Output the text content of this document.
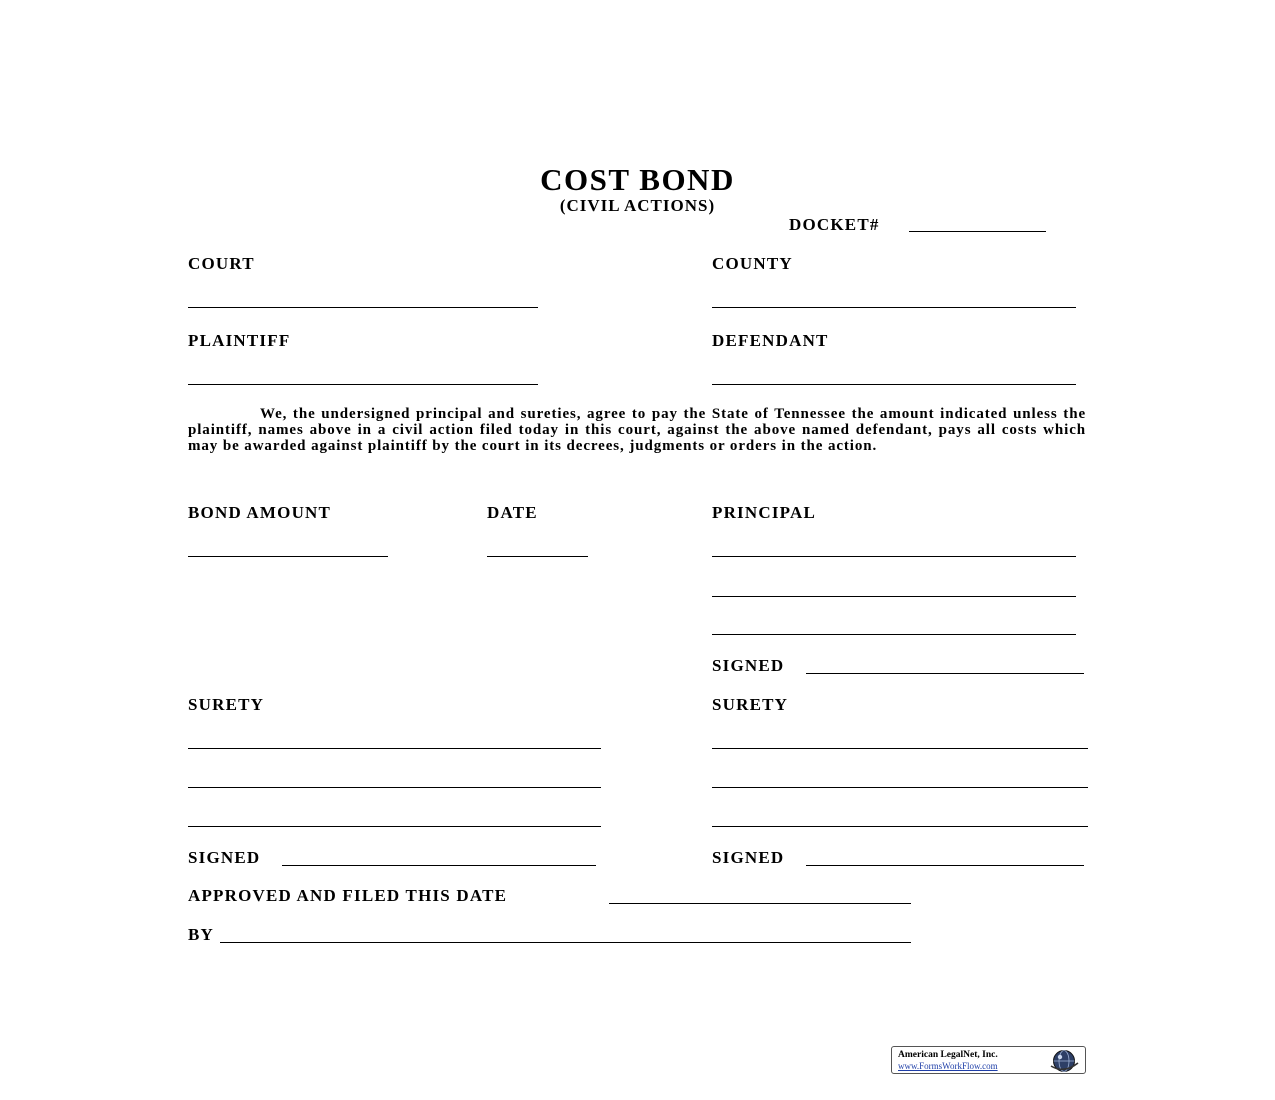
COST BOND
(CIVIL ACTIONS)
DOCKET#
COURT	COUNTY
PLAINTIFF	DEFENDANT
We, the undersigned principal and sureties, agree to pay the State of Tennessee the amount indicated unless the plaintiff, names above in a civil action filed today in this court, against the above named defendant, pays all costs which may be awarded against plaintiff by the court in its decrees, judgments or orders in the action.
BOND AMOUNT	DATE	PRINCIPAL
SIGNED
SURETY	SURETY
SIGNED	SIGNED
APPROVED AND FILED THIS DATE
BY
American LegalNet, Inc.
www.FormsWorkFlow.com
